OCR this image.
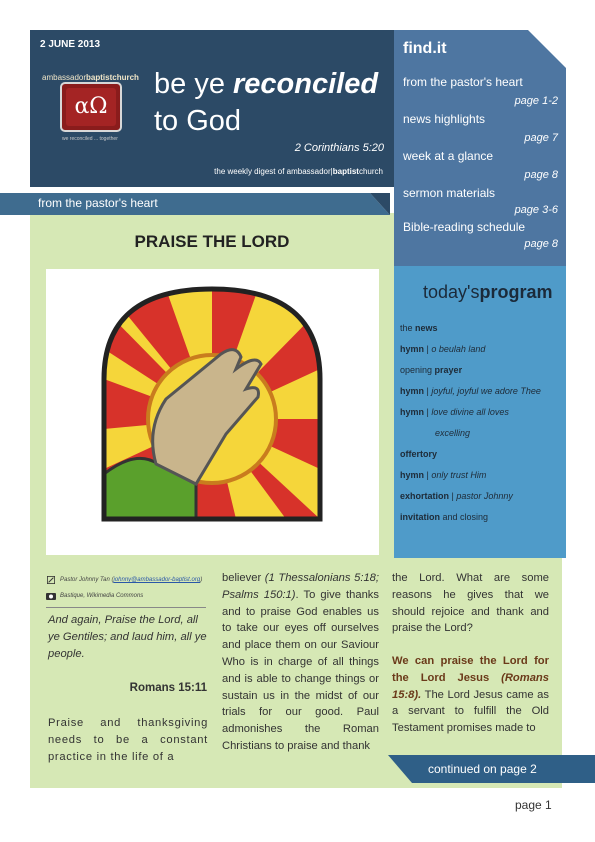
2 JUNE 2013
ambassadorbaptistchurch
αΩ
we reconciled ... together
be ye reconciled
to God
2 Corinthians 5:20
the weekly digest of ambassador|baptistchurch
find.it
from the pastor's heart
page 1-2
news highlights
page 7
week at a glance
page 8
sermon materials
page 3-6
Bible-reading schedule
page 8
from the pastor's heart
today'sprogram
the news
hymn | o beulah land
opening prayer
hymn | joyful, joyful we adore Thee
hymn | love divine all loves
excelling
offertory
hymn | only trust Him
exhortation | pastor Johnny
invitation and closing
PRAISE THE LORD
Pastor Johnny Tan (johnny@ambassador-baptist.org)
Bastique, Wikimedia Commons
And again, Praise the Lord, all ye Gentiles; and laud him, all ye people.
Romans 15:11
Praise and thanksgiving needs to be a constant practice in the life of a
believer (1 Thessalonians 5:18; Psalms 150:1). To give thanks and to praise God enables us to take our eyes off ourselves and place them on our Saviour Who is in charge of all things and is able to change things or sustain us in the midst of our trials for our good. Paul admonishes the Roman Christians to praise and thank
the Lord. What are some reasons he gives that we should rejoice and thank and praise the Lord?
We can praise the Lord for the Lord Jesus (Romans 15:8). The Lord Jesus came as a servant to fulfill the Old Testament promises made to
continued on page 2
page 1
